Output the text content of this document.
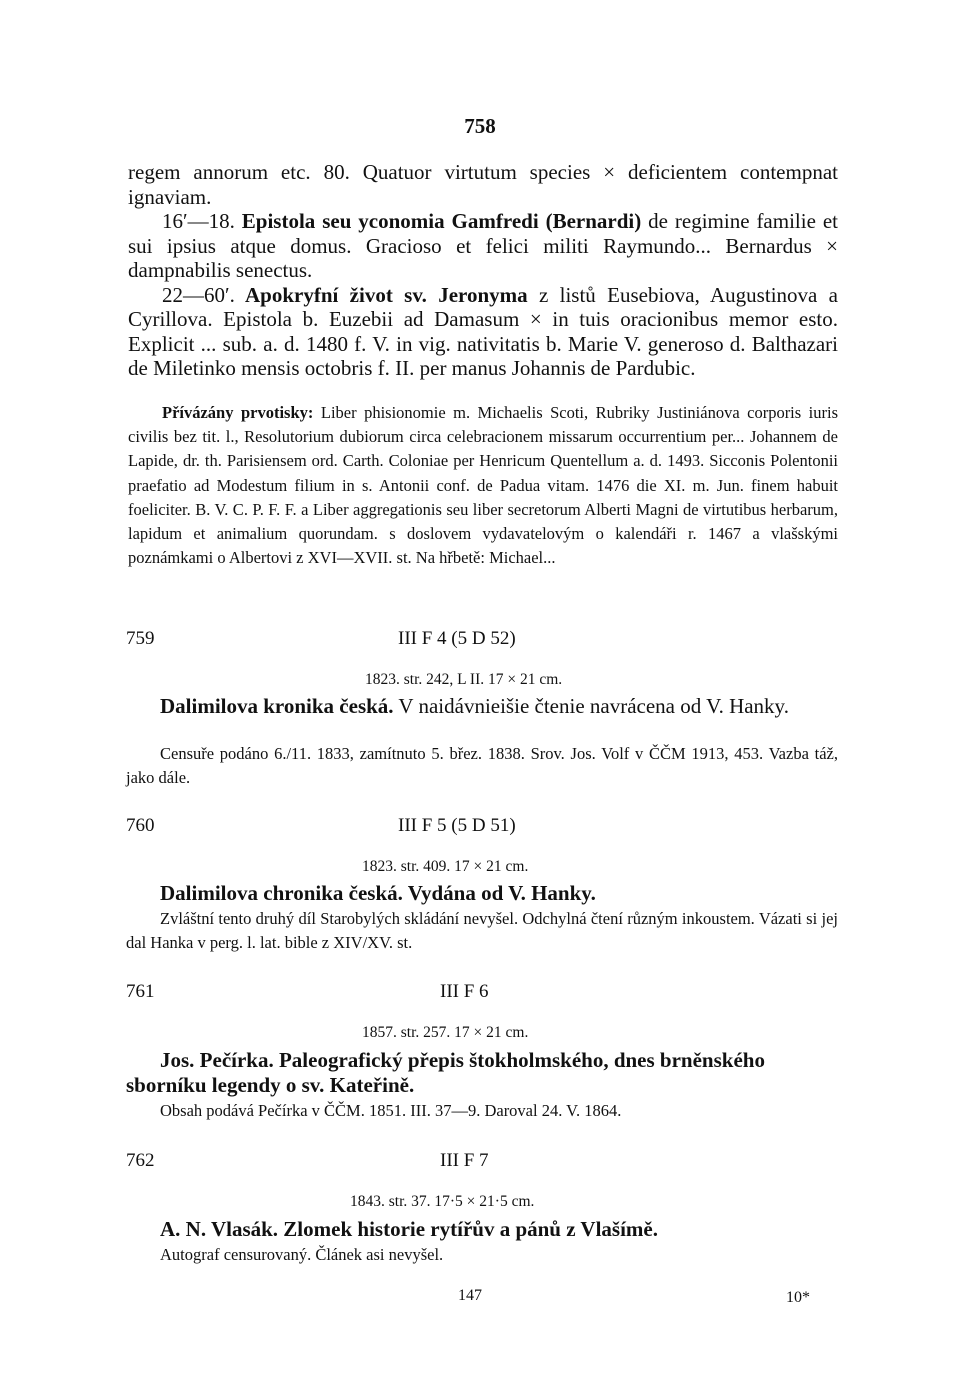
758

regem annorum etc. 80. Quatuor virtutum species × deficientem contempnat ignaviam.

16′—18. Epistola seu yconomia Gamfredi (Bernardi) de regimine familie et sui ipsius atque domus. Gracioso et felici militi Raymundo... Bernardus × dampnabilis senectus.

22—60′. Apokryfní život sv. Jeronyma z listů Eusebiova, Augustinova a Cyrillova. Epistola b. Euzebii ad Damasum × in tuis oracionibus memor esto. Explicit ... sub. a. d. 1480 f. V. in vig. nativitatis b. Marie V. generoso d. Balthazari de Miletinko mensis octobris f. II. per manus Johannis de Pardubic.

Přívázány prvotisky: Liber phisionomie m. Michaelis Scoti, Rubriky Justiniánova corporis iuris civilis bez tit. l., Resolutorium dubiorum circa celebracionem missarum occurrentium per... Johannem de Lapide, dr. th. Parisiensem ord. Carth. Coloniae per Henricum Quentellum a. d. 1493. Sicconis Polentonii praefatio ad Modestum filium in s. Antonii conf. de Padua vitam. 1476 die XI. m. Jun. finem habuit foeliciter. B. V. C. P. F. F. a Liber aggregationis seu liber secretorum Alberti Magni de virtutibus herbarum, lapidum et animalium quorundam. s doslovem vydavatelovým o kalendáři r. 1467 a vlašskými poznámkami o Albertovi z XVI—XVII. st. Na hřbetě: Michael...

759	III F 4 (5 D 52)
1823. str. 242, L II. 17 × 21 cm.
Dalimilova kronika česká. V naidávnieišie čtenie navrácena od V. Hanky.
Censuře podáno 6./11. 1833, zamítnuto 5. břez. 1838. Srov. Jos. Volf v ČČM 1913, 453. Vazba táž, jako dále.
760	III F 5 (5 D 51)
1823. str. 409. 17 × 21 cm.
Dalimilova chronika česká. Vydána od V. Hanky.
Zvláštní tento druhý díl Starobylých skládání nevyšel. Odchylná čtení různým inkoustem. Vázati si jej dal Hanka v perg. l. lat. bible z XIV/XV. st.
761	III F 6
1857. str. 257. 17 × 21 cm.
Jos. Pečírka. Paleografický přepis štokholmského, dnes brněnského sborníku legendy o sv. Kateřině.
Obsah podává Pečírka v ČČM. 1851. III. 37—9. Daroval 24. V. 1864.
762	III F 7
1843. str. 37. 17·5 × 21·5 cm.
A. N. Vlasák. Zlomek historie rytířův a pánů z Vlašímě.
Autograf censurovaný. Článek asi nevyšel.
147	10*
